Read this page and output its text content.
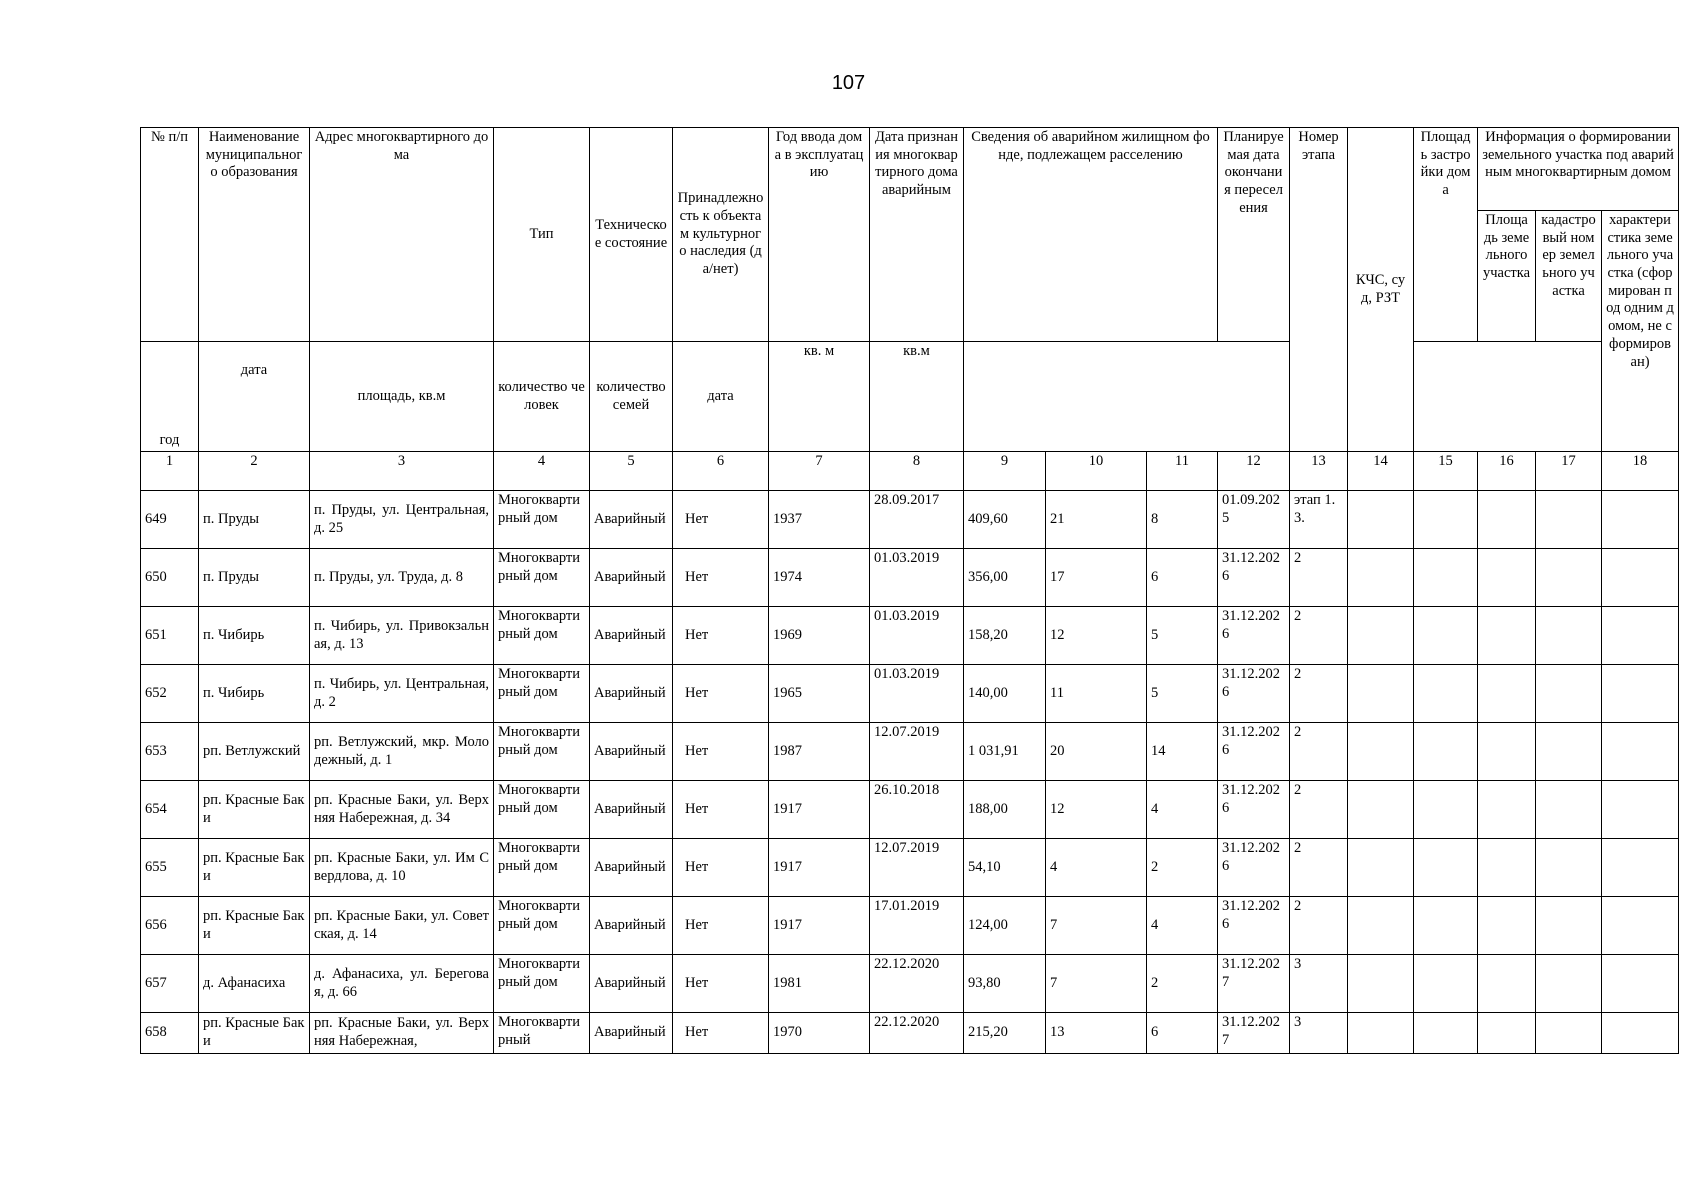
107
№ п/п	Наименование муниципального образования	Адрес многоквартирного дома	Тип	Техническое состояние	Принадлежность к объектам культурного наследия (да/нет)	Год ввода дома в эксплуатацию	Дата признания многоквартирного дома аварийным	Сведения об аварийном жилищном фонде, подлежащем расселению			Планируемая дата окончания переселения	Номер этапа	КЧС, суд, РЗТ	Площадь застройки дома	Информация о формировании земельного участка под аварийным многоквартирным домом		
															Площадь земельного участка	кадастровый номер земельного участка	характеристика земельного участка (сформирован под одним домом, не сформирован)

год	дата	площадь, кв.м	количество человек	количество семей	дата	кв. м	кв.м										
1	2	3	4	5	6	7	8	9	10	11	12	13	14	15	16	17	18
649	п. Пруды	п. Пруды, ул. Центральная, д. 25	Многоквартирный дом	Аварийный	Нет	1937	28.09.2017	409,60	21	8	01.09.2025	этап 1.3.					
650	п. Пруды	п. Пруды, ул. Труда, д. 8	Многоквартирный дом	Аварийный	Нет	1974	01.03.2019	356,00	17	6	31.12.2026	2					
651	п. Чибирь	п. Чибирь, ул. Привокзальная, д. 13	Многоквартирный дом	Аварийный	Нет	1969	01.03.2019	158,20	12	5	31.12.2026	2					
652	п. Чибирь	п. Чибирь, ул. Центральная, д. 2	Многоквартирный дом	Аварийный	Нет	1965	01.03.2019	140,00	11	5	31.12.2026	2					
653	рп. Ветлужский	рп. Ветлужский, мкр. Молодежный, д. 1	Многоквартирный дом	Аварийный	Нет	1987	12.07.2019	1 031,91	20	14	31.12.2026	2					
654	рп. Красные Баки	рп. Красные Баки, ул. Верхняя Набережная, д. 34	Многоквартирный дом	Аварийный	Нет	1917	26.10.2018	188,00	12	4	31.12.2026	2					
655	рп. Красные Баки	рп. Красные Баки, ул. Им Свердлова, д. 10	Многоквартирный дом	Аварийный	Нет	1917	12.07.2019	54,10	4	2	31.12.2026	2					
656	рп. Красные Баки	рп. Красные Баки, ул. Советская, д. 14	Многоквартирный дом	Аварийный	Нет	1917	17.01.2019	124,00	7	4	31.12.2026	2					
657	д. Афанасиха	д. Афанасиха, ул. Береговая, д. 66	Многоквартирный дом	Аварийный	Нет	1981	22.12.2020	93,80	7	2	31.12.2027	3					
658	рп. Красные Баки	рп. Красные Баки, ул. Верхняя Набережная,	Многоквартирный	Аварийный	Нет	1970	22.12.2020	215,20	13	6	31.12.2027	3					
